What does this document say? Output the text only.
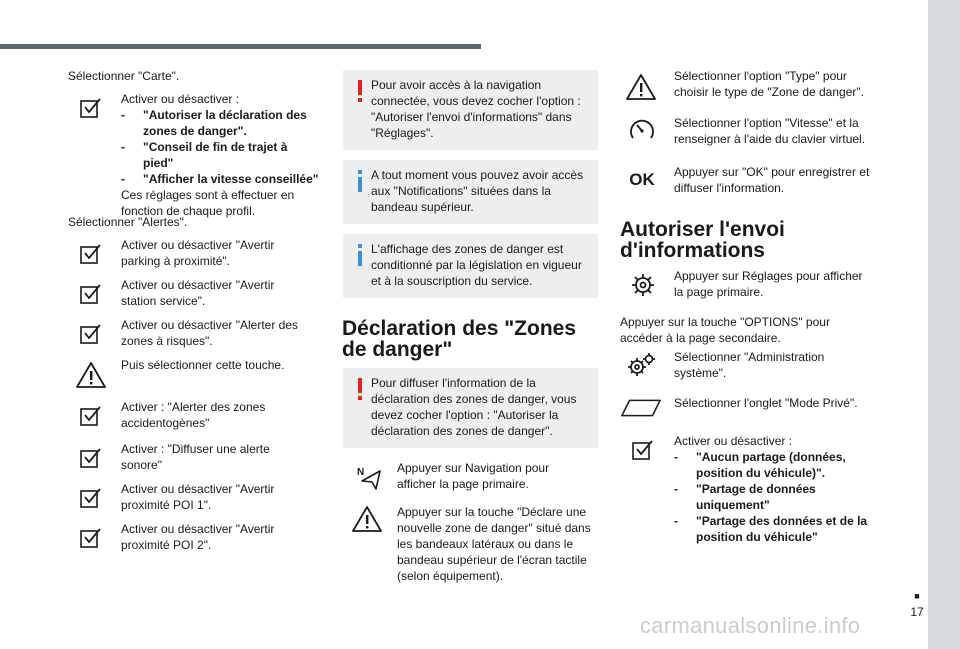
■
17
Sélectionner "Carte".
Activer ou désactiver :
- "Autoriser la déclaration des zones de danger".
- "Conseil de fin de trajet à pied"
- "Afficher la vitesse conseillée"
Ces réglages sont à effectuer en fonction de chaque profil.
Sélectionner "Alertes".
Activer ou désactiver "Avertir parking à proximité".
Activer ou désactiver "Avertir station service".
Activer ou désactiver "Alerter des zones à risques".
Puis sélectionner cette touche.
Activer : "Alerter des zones accidentogènes"
Activer : "Diffuser une alerte sonore"
Activer ou désactiver "Avertir proximité POI 1".
Activer ou désactiver "Avertir proximité POI 2".
Pour avoir accès à la navigation connectée, vous devez cocher l'option : "Autoriser l'envoi d'informations" dans "Réglages".
A tout moment vous pouvez avoir accès aux "Notifications" situées dans la bandeau supérieur.
L'affichage des zones de danger est conditionné par la législation en vigueur et à la souscription du service.
Déclaration des "Zones de danger"
Pour diffuser l'information de la déclaration des zones de danger, vous devez cocher l'option : "Autoriser la déclaration des zones de danger".
N	Appuyer sur Navigation pour afficher la page primaire.
Appuyer sur la touche "Déclare une nouvelle zone de danger" situé dans les bandeaux latéraux ou dans le bandeau supérieur de l'écran tactile (selon équipement).
Sélectionner l'option "Type" pour choisir le type de "Zone de danger".
Sélectionner l'option "Vitesse" et la renseigner à l'aide du clavier virtuel.
OK Appuyer sur "OK" pour enregistrer et diffuser l'information.
Autoriser l'envoi d'informations
Appuyer sur Réglages pour afficher la page primaire.
Appuyer sur la touche "OPTIONS" pour accéder à la page secondaire.
Sélectionner "Administration système".
Sélectionner l'onglet "Mode Privé".
Activer ou désactiver :
- "Aucun partage (données, position du véhicule)".
- "Partage de données uniquement"
- "Partage des données et de la position du véhicule"
carmanualsonline.info
